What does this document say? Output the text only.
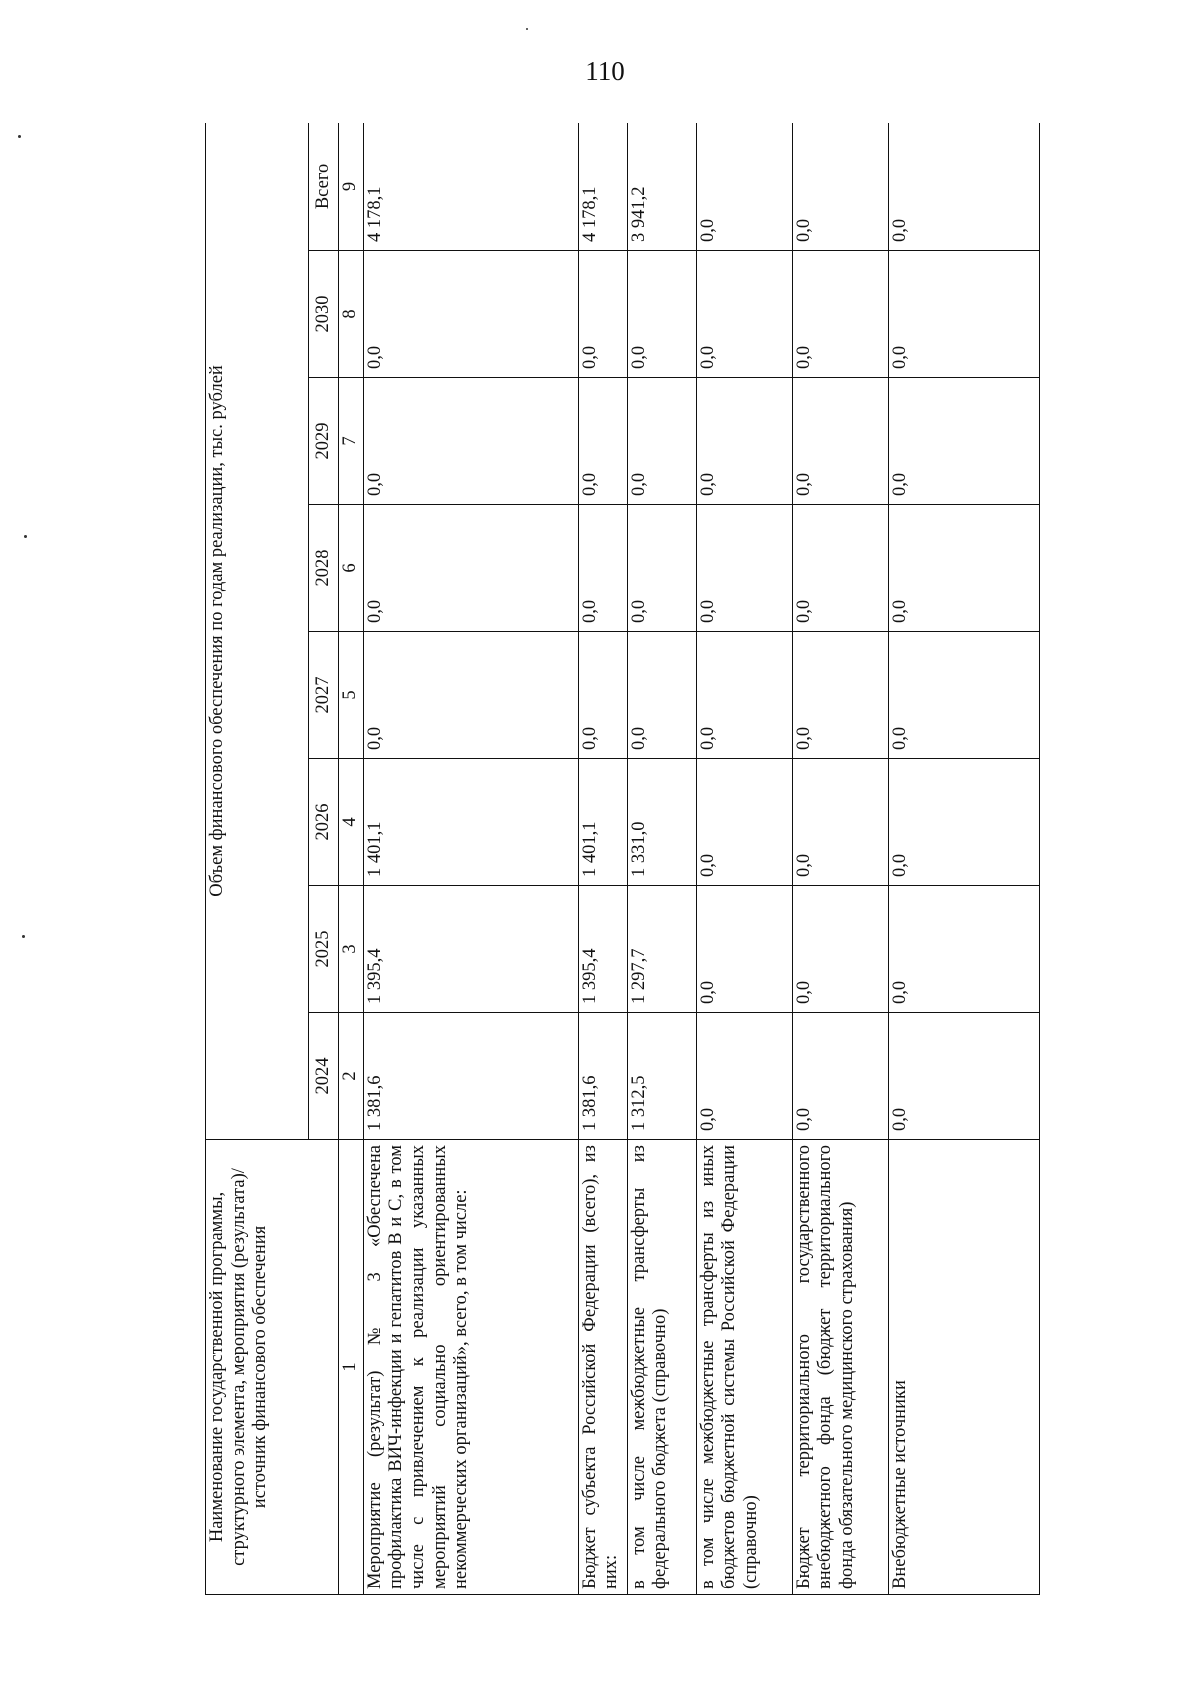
110
Наименование государственной программы, структурного элемента, мероприятия (результата)/источник финансового обеспечения	Объем финансового обеспечения по годам реализации, тыс. рублей							
	2024	2025	2026	2027	2028	2029	2030	Всего
1	2	3	4	5	6	7	8	9
Мероприятие (результат) № 3 «Обеспечена профилактика ВИЧ-инфекции и гепатитов В и С, в том числе с привлечением к реализации указанных мероприятий социально ориентированных некоммерческих организаций», всего, в том числе:	1 381,6	1 395,4	1 401,1	0,0	0,0	0,0	0,0	4 178,1
Бюджет субъекта Российской Федерации (всего), из них:	1 381,6	1 395,4	1 401,1	0,0	0,0	0,0	0,0	4 178,1
в том числе межбюджетные трансферты из федерального бюджета (справочно)	1 312,5	1 297,7	1 331,0	0,0	0,0	0,0	0,0	3 941,2
в том числе межбюджетные трансферты из иных бюджетов бюджетной системы Российской Федерации (справочно)	0,0	0,0	0,0	0,0	0,0	0,0	0,0	0,0
Бюджет территориального государственного внебюджетного фонда (бюджет территориального фонда обязательного медицинского страхования)	0,0	0,0	0,0	0,0	0,0	0,0	0,0	0,0
Внебюджетные источники	0,0	0,0	0,0	0,0	0,0	0,0	0,0	0,0
